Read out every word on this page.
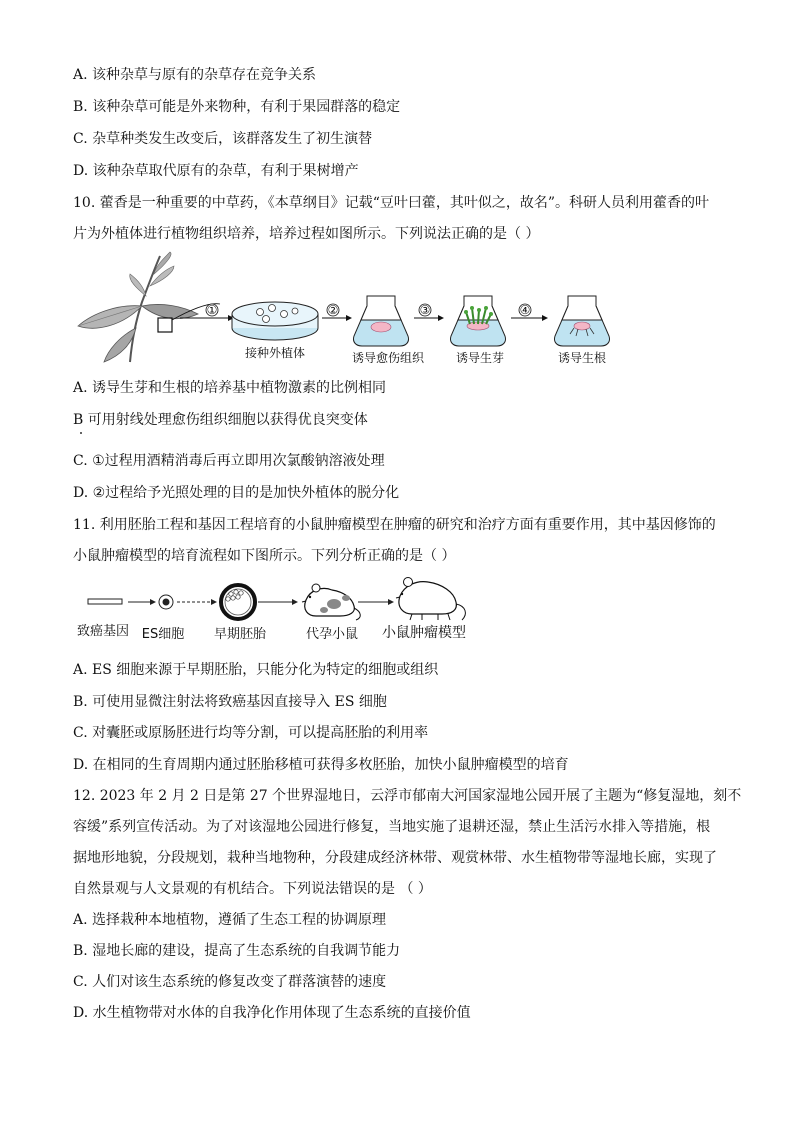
A. 该种杂草与原有的杂草存在竞争关系
B. 该种杂草可能是外来物种，有利于果园群落的稳定
C. 杂草种类发生改变后，该群落发生了初生演替
D. 该种杂草取代原有的杂草，有利于果树增产
10. 藿香是一种重要的中草药，《本草纲目》记载“豆叶曰藿，其叶似之，故名”。科研人员利用藿香的叶
片为外植体进行植物组织培养，培养过程如图所示。下列说法正确的是（ ）
①
接种外植体
②
诱导愈伤组织
③
诱导生芽
④
诱导生根
A. 诱导生芽和生根的培养基中植物激素的比例相同
B 可用射线处理愈伤组织细胞以获得优良突变体
C. ①过程用酒精消毒后再立即用次氯酸钠溶液处理
D. ②过程给予光照处理的目的是加快外植体的脱分化
11. 利用胚胎工程和基因工程培育的小鼠肿瘤模型在肿瘤的研究和治疗方面有重要作用，其中基因修饰的
小鼠肿瘤模型的培育流程如下图所示。下列分析正确的是（ ）
致癌基因 ES细胞 早期胚胎	代孕小鼠 小鼠肿瘤模型
A. ES 细胞来源于早期胚胎，只能分化为特定的细胞或组织
B. 可使用显微注射法将致癌基因直接导入 ES 细胞
C. 对囊胚或原肠胚进行均等分割，可以提高胚胎的利用率
D. 在相同的生育周期内通过胚胎移植可获得多枚胚胎，加快小鼠肿瘤模型的培育
12. 2023 年 2 月 2 日是第 27 个世界湿地日，云浮市郁南大河国家湿地公园开展了主题为“修复湿地，刻不
容缓”系列宣传活动。为了对该湿地公园进行修复，当地实施了退耕还湿，禁止生活污水排入等措施，根
据地形地貌，分段规划，栽种当地物种，分段建成经济林带、观赏林带、水生植物带等湿地长廊，实现了
自然景观与人文景观的有机结合。下列说法错误的是 （ ）
A. 选择栽种本地植物，遵循了生态工程的协调原理
B. 湿地长廊的建设，提高了生态系统的自我调节能力
C. 人们对该生态系统的修复改变了群落演替的速度
D. 水生植物带对水体的自我净化作用体现了生态系统的直接价值
